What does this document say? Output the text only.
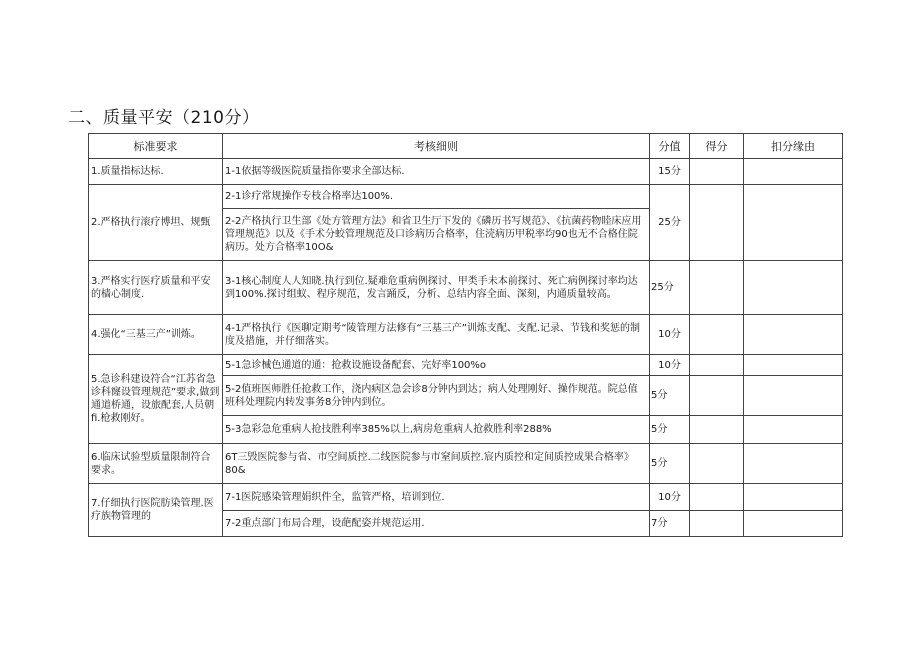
二、质量平安（210分）
标准要求	考核细则	分值	得分	扣分缘由
1.质量指标达标.	1-1依据等级医院质量指你要求全部达标.	15分		
2.严格执行滚疗博坦、规甄	2-1诊疗常规操作专枝合格率达100%.	25分		
	2-2产格执行卫生部《处方管理方法》和省卫生厅下发的《磷历书写规范》、《抗菌药物睦床应用管理规范》以及《手术分蛟管理规范及口诊病历合格率，住涜病历甲税率均90也无不合格住院病历。处方合格率10O&			
3.严格实行医疗质量和平安的樯心制度.	3-1核心制度人人知晓.执行到位.疑难危重病例探讨、甲类手未本前探讨、死亡病例探讨率均达到100%.探讨组蚁、程序规范，发言踊反，分析、总结内容全面、深刻，内通质量较高。	25分		
4.强化“三基三产”训炼。	4-1严格执行《医聊定期考“陵管理方法修有“三基三产”训炼支配、支配.记录、节钱和奖惩的制度及措施，并仔细落实。	10分		
5.急诊科建设符合“江苏省急诊科窿设管理规范”要求,做到通道桥通，设旅配套,人员朝fi.枪救刚好。	5-1急诊械色通道的通：抢救设施设备配套、完好率100%o	10分		
	5-2值班医师胜任抢救工作，浇内病区急会诊8分钟内到达；病人处理刚好、操作规范。院总值班科处理院内转发事务8分钟内到位。	5分		
	5-3急彩急危重病人抢技胜利率385%以上,病房危重病人抢救胜利率288%	5分		
6.临床试验型质量限制符合要求。	6T三毁医院参与省、市空间质控.二线医院参与市窒间质控.宸内质控和定间质控成果合格率》80&	5分		
7.仔细执行医院肪染管理.医疗族物管理的	7-1医院感染管理娟织件全，监管严格，培训到位.	10分		
	7-2重点部门布局合理，设葩配姿并规范运用.	7分		
